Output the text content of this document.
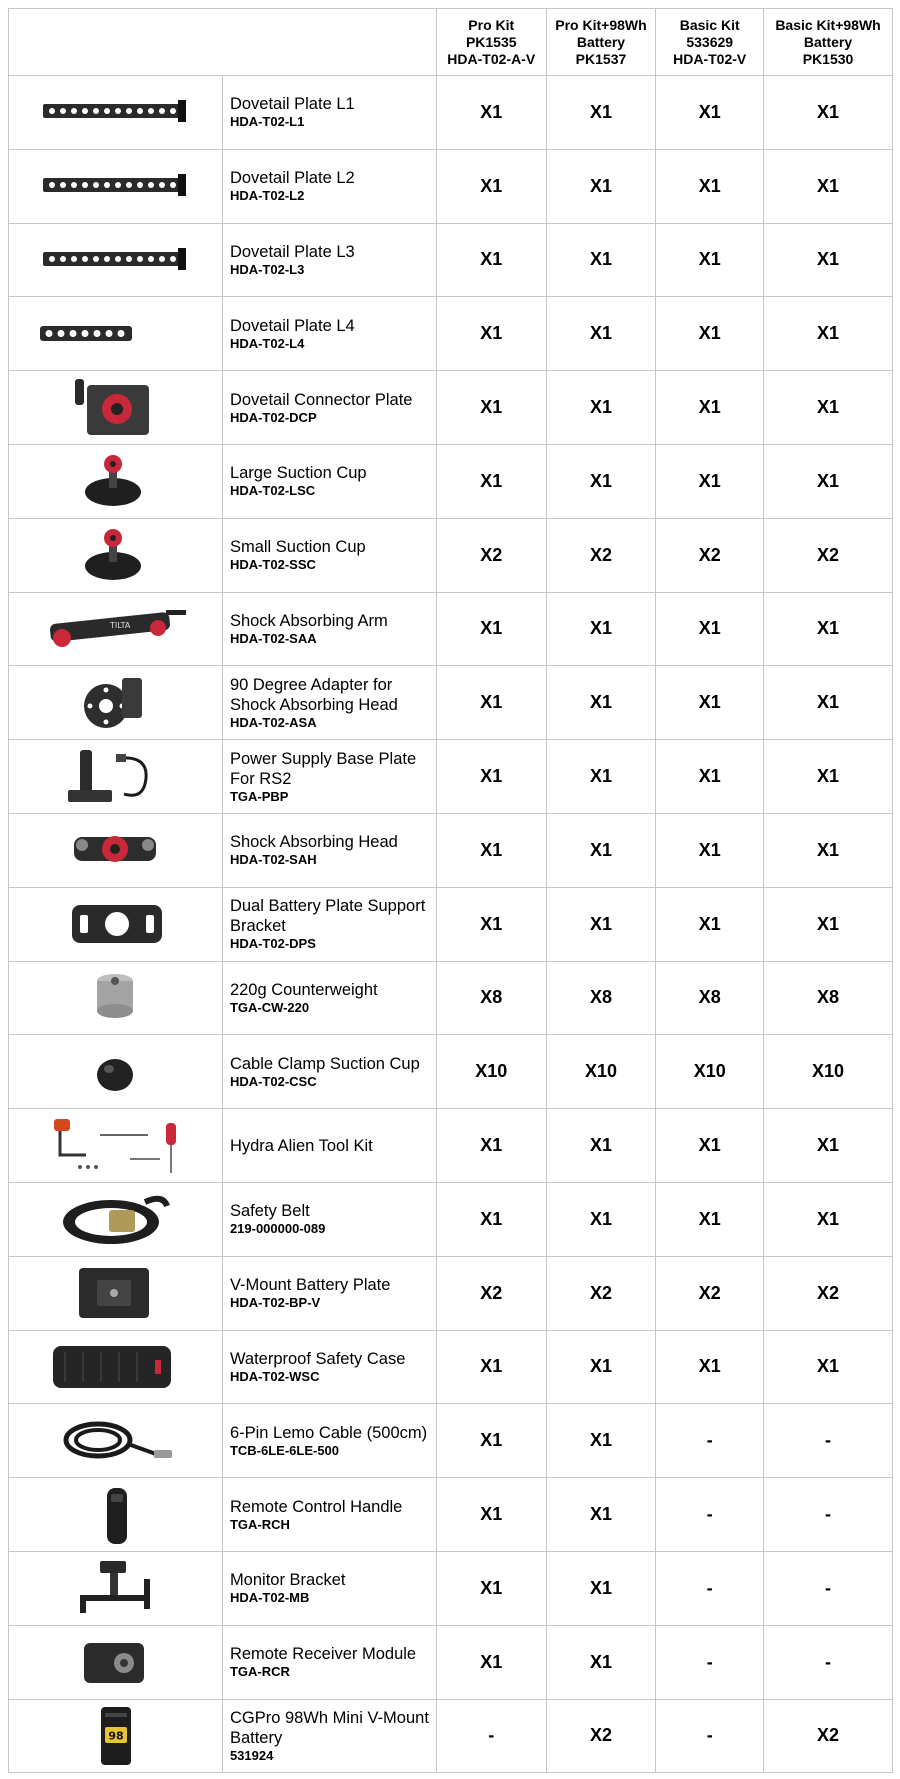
		Pro Kit
PK1535
HDA-T02-A-V	Pro Kit+98Wh
Battery
PK1537	Basic Kit
533629
HDA-T02-V	Basic Kit+98Wh
Battery
PK1530

Dovetail Plate L1
HDA-T02-L1	X1	X1	X1	X1

Dovetail Plate L2
HDA-T02-L2	X1	X1	X1	X1

Dovetail Plate L3
HDA-T02-L3	X1	X1	X1	X1

Dovetail Plate L4
HDA-T02-L4	X1	X1	X1	X1

Dovetail Connector Plate
HDA-T02-DCP	X1	X1	X1	X1

Large Suction Cup
HDA-T02-LSC	X1	X1	X1	X1

Small Suction Cup
HDA-T02-SSC	X2	X2	X2	X2

TILTA	Shock Absorbing Arm
HDA-T02-SAA	X1	X1	X1	X1

90 Degree Adapter for Shock Absorbing Head
HDA-T02-ASA	X1	X1	X1	X1

Power Supply Base Plate For RS2
TGA-PBP	X1	X1	X1	X1

Shock Absorbing Head
HDA-T02-SAH	X1	X1	X1	X1

Dual Battery Plate Support Bracket
HDA-T02-DPS	X1	X1	X1	X1

220g Counterweight
TGA-CW-220	X8	X8	X8	X8

Cable Clamp Suction Cup
HDA-T02-CSC	X10	X10	X10	X10

Hydra Alien Tool Kit	X1	X1	X1	X1

Safety Belt
219-000000-089	X1	X1	X1	X1

V-Mount Battery Plate
HDA-T02-BP-V	X2	X2	X2	X2

Waterproof Safety Case
HDA-T02-WSC	X1	X1	X1	X1

6-Pin Lemo Cable (500cm)
TCB-6LE-6LE-500	X1	X1	-	-

Remote Control Handle
TGA-RCH	X1	X1	-	-

Monitor Bracket
HDA-T02-MB	X1	X1	-	-

Remote Receiver Module
TGA-RCR	X1	X1	-	-

98	CGPro 98Wh Mini V-Mount Battery
531924	-	X2	-	X2
